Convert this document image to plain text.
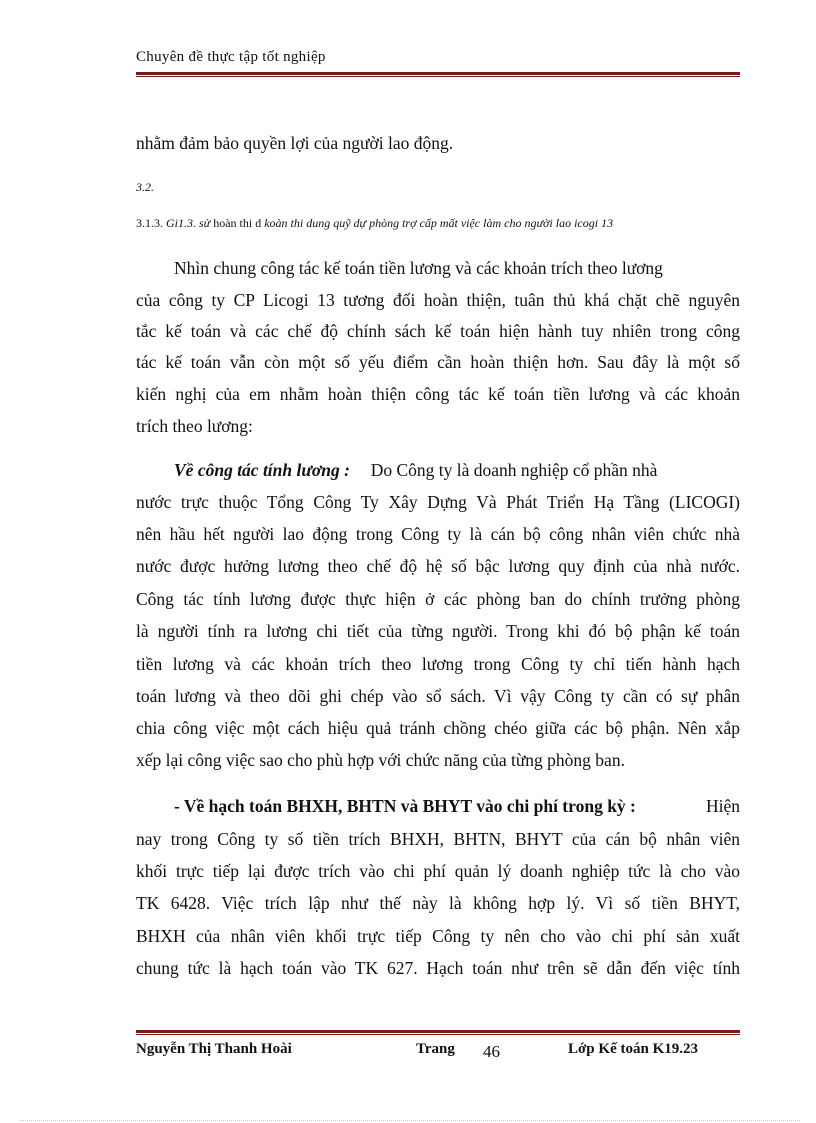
Chuyên đề thực tập tốt nghiệp
nhằm đảm bảo quyền lợi của người lao động.
3.2.
3.1.3. Gi1.3. sử hoàn thi d koàn thi dung quỹ dự phòng trợ cấp mất việc làm cho người lao icogi 13
Nhìn chung công tác kế toán tiền lương và các khoản trích theo lương
của công ty CP Licogi 13 tương đối hoàn thiện, tuân thủ khá chặt chẽ nguyên
tắc kế toán và các chế độ chính sách kế toán hiện hành tuy nhiên trong công
tác kế toán vẫn còn một số yếu điểm cần hoàn thiện hơn. Sau đây là một số
kiến nghị của em nhằm hoàn thiện công tác kế toán tiền lương và các khoản
trích theo lương:
Về công tác tính lương : Do Công ty là doanh nghiệp cổ phần nhà
nước trực thuộc Tổng Công Ty Xây Dựng Và Phát Triển Hạ Tầng (LICOGI)
nên hầu hết người lao động trong Công ty là cán bộ công nhân viên chức nhà
nước được hưởng lương theo chế độ hệ số bậc lương quy định của nhà nước.
Công tác tính lương được thực hiện ở các phòng ban do chính trưởng phòng
là người tính ra lương chi tiết của từng người. Trong khi đó bộ phận kế toán
tiền lương và các khoản trích theo lương trong Công ty chỉ tiến hành hạch
toán lương và theo dõi ghi chép vào sổ sách. Vì vậy Công ty cần có sự phân
chia công việc một cách hiệu quả tránh chồng chéo giữa các bộ phận. Nên xắp
xếp lại công việc sao cho phù hợp với chức năng của từng phòng ban.
- Về hạch toán BHXH, BHTN và BHYT vào chi phí trong kỳ :	Hiện
nay trong Công ty số tiền trích BHXH, BHTN, BHYT của cán bộ nhân viên
khối trực tiếp lại được trích vào chi phí quản lý doanh nghiệp tức là cho vào
TK 6428. Việc trích lập như thế này là không hợp lý. Vì số tiền BHYT,
BHXH của nhân viên khối trực tiếp Công ty nên cho vào chi phí sản xuất
chung tức là hạch toán vào TK 627. Hạch toán như trên sẽ dẫn đến việc tính
Nguyễn Thị Thanh Hoài	Trang 46	Lớp Kế toán K19.23
